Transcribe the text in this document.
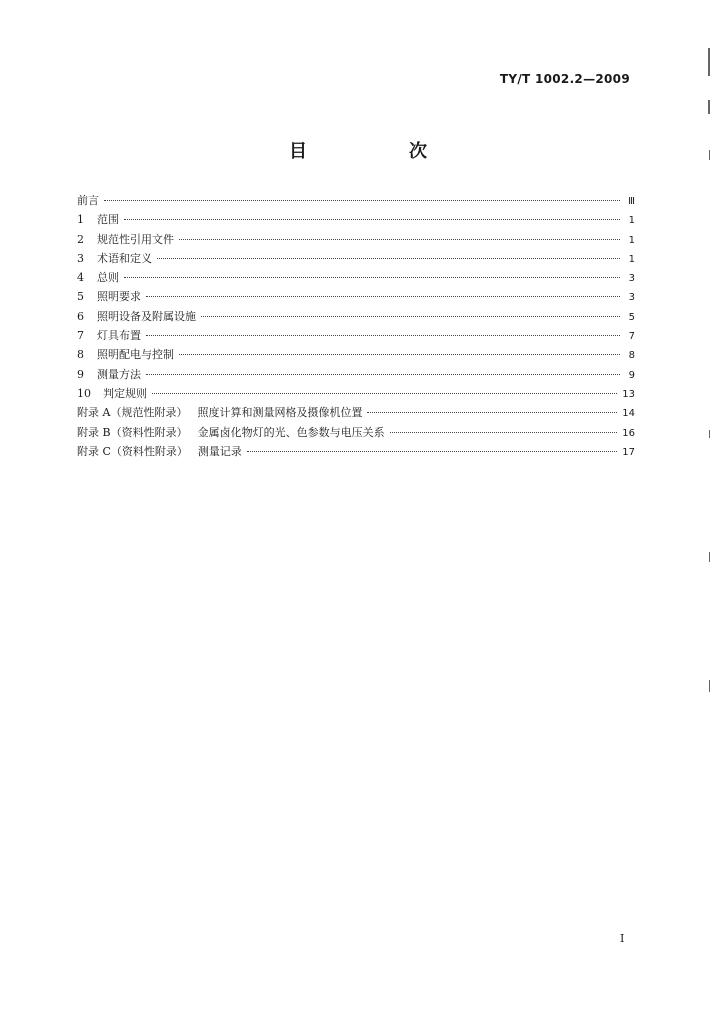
TY/T 1002.2—2009
目　次
前言	Ⅲ
1 范围	1
2 规范性引用文件	1
3 术语和定义	1
4 总则	3
5 照明要求	3
6 照明设备及附属设施	5
7 灯具布置	7
8 照明配电与控制	8
9 测量方法	9
10 判定规则	13
附录 A（规范性附录） 照度计算和测量网格及摄像机位置	14
附录 B（资料性附录） 金属卤化物灯的光、色参数与电压关系	16
附录 C（资料性附录） 测量记录	17
I
